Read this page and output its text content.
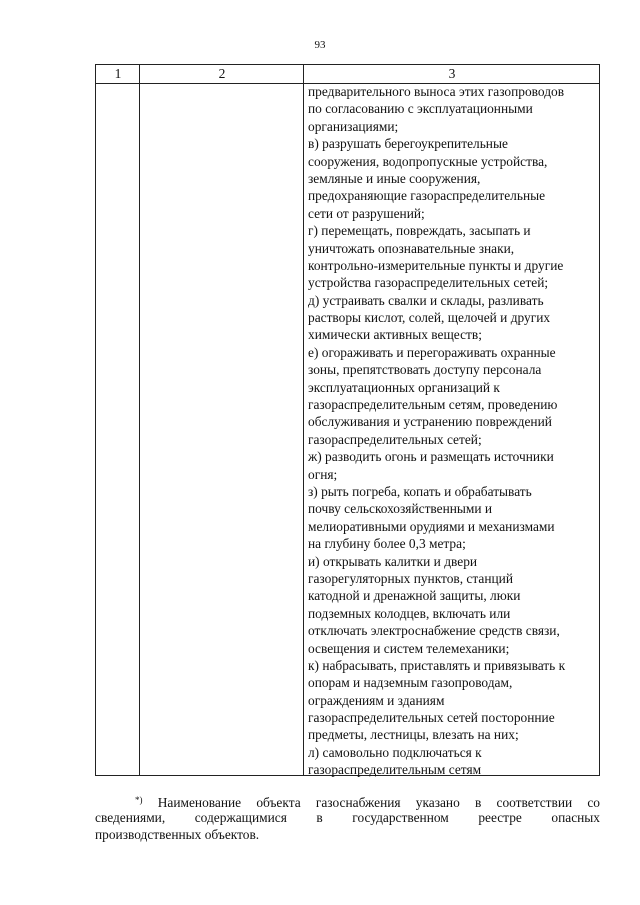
93
1	2	3
предварительного выноса этих газопроводов
по согласованию с эксплуатационными
организациями;
в) разрушать берегоукрепительные
сооружения, водопропускные устройства,
земляные и иные сооружения,
предохраняющие газораспределительные
сети от разрушений;
г) перемещать, повреждать, засыпать и
уничтожать опознавательные знаки,
контрольно-измерительные пункты и другие
устройства газораспределительных сетей;
д) устраивать свалки и склады, разливать
растворы кислот, солей, щелочей и других
химически активных веществ;
е) огораживать и перегораживать охранные
зоны, препятствовать доступу персонала
эксплуатационных организаций к
газораспределительным сетям, проведению
обслуживания и устранению повреждений
газораспределительных сетей;
ж) разводить огонь и размещать источники
огня;
з) рыть погреба, копать и обрабатывать
почву сельскохозяйственными и
мелиоративными орудиями и механизмами
на глубину более 0,3 метра;
и) открывать калитки и двери
газорегуляторных пунктов, станций
катодной и дренажной защиты, люки
подземных колодцев, включать или
отключать электроснабжение средств связи,
освещения и систем телемеханики;
к) набрасывать, приставлять и привязывать к
опорам и надземным газопроводам,
ограждениям и зданиям
газораспределительных сетей посторонние
предметы, лестницы, влезать на них;
л) самовольно подключаться к
газораспределительным сетям
*) Наименование объекта газоснабжения указано в соответствии со
сведениями, содержащимися в государственном реестре опасных
производственных объектов.
